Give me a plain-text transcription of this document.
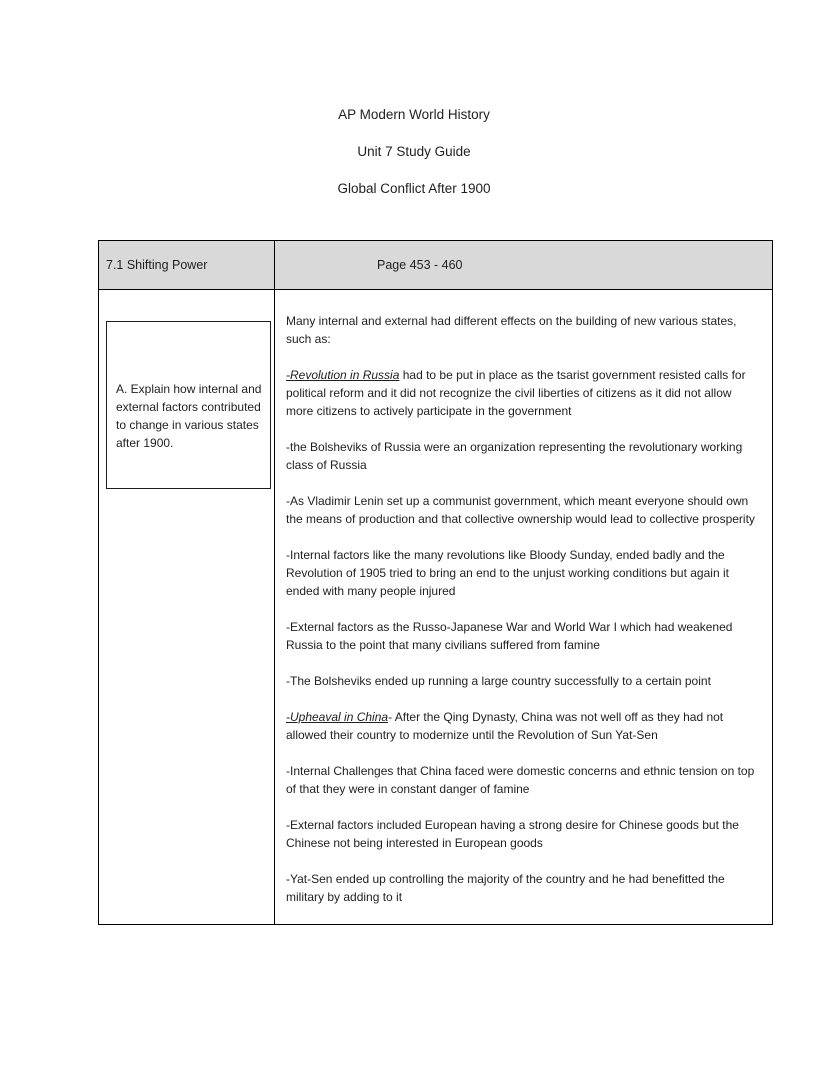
AP Modern World History

Unit 7 Study Guide

Global Conflict After 1900

7.1 Shifting Power	Page 453 - 460

A. Explain how internal and external factors contributed to change in various states after 1900.

Many internal and external had different effects on the building of new various states, such as:

-Revolution in Russia had to be put in place as the tsarist government resisted calls for political reform and it did not recognize the civil liberties of citizens as it did not allow more citizens to actively participate in the government

-the Bolsheviks of Russia were an organization representing the revolutionary working class of Russia

-As Vladimir Lenin set up a communist government, which meant everyone should own the means of production and that collective ownership would lead to collective prosperity

-Internal factors like the many revolutions like Bloody Sunday, ended badly and the Revolution of 1905 tried to bring an end to the unjust working conditions but again it ended with many people injured

-External factors as the Russo-Japanese War and World War I which had weakened Russia to the point that many civilians suffered from famine

-The Bolsheviks ended up running a large country successfully to a certain point

-Upheaval in China- After the Qing Dynasty, China was not well off as they had not allowed their country to modernize until the Revolution of Sun Yat-Sen

-Internal Challenges that China faced were domestic concerns and ethnic tension on top of that they were in constant danger of famine

-External factors included European having a strong desire for Chinese goods but the Chinese not being interested in European goods

-Yat-Sen ended up controlling the majority of the country and he had benefitted the military by adding to it
